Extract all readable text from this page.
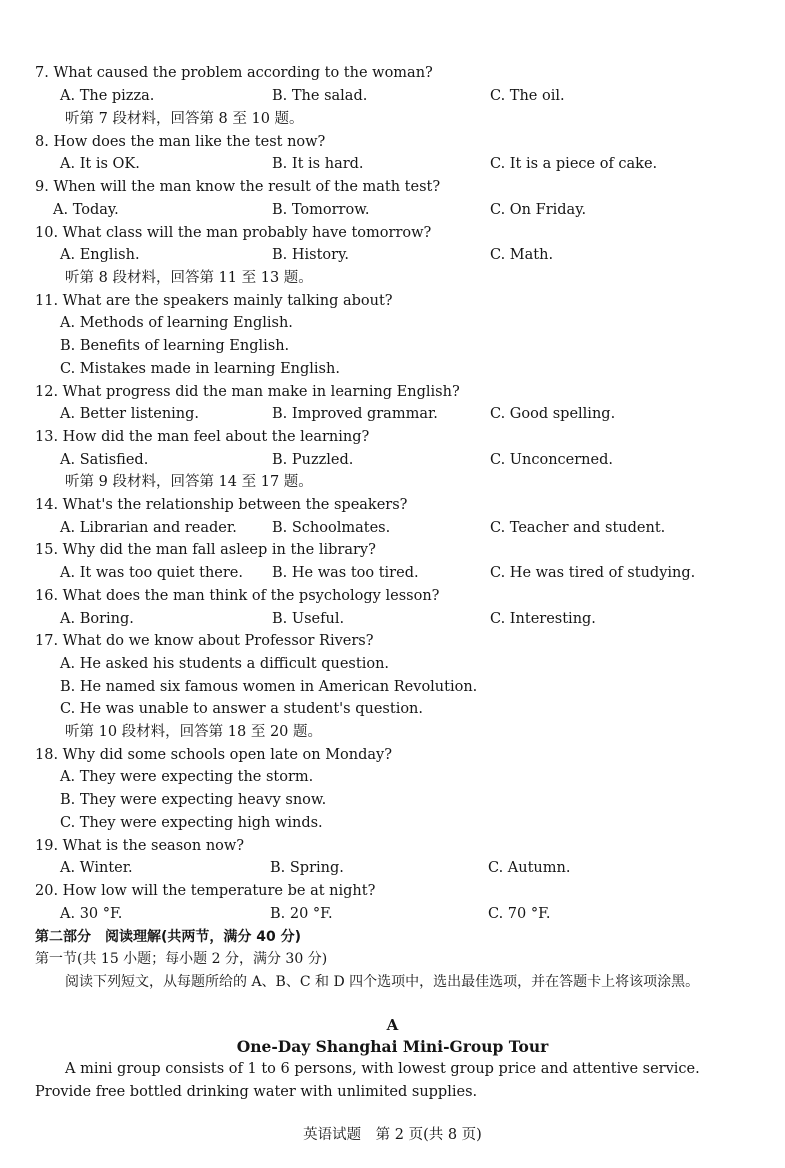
7. What caused the problem according to the woman?
A. The pizza.	B. The salad.	C. The oil.
听第 7 段材料，回答第 8 至 10 题。
8. How does the man like the test now?
A. It is OK.	B. It is hard.	C. It is a piece of cake.
9. When will the man know the result of the math test?
A. Today.	B. Tomorrow.	C. On Friday.
10. What class will the man probably have tomorrow?
A. English.	B. History.	C. Math.
听第 8 段材料，回答第 11 至 13 题。
11. What are the speakers mainly talking about?
A. Methods of learning English.
B. Benefits of learning English.
C. Mistakes made in learning English.
12. What progress did the man make in learning English?
A. Better listening.	B. Improved grammar.	C. Good spelling.
13. How did the man feel about the learning?
A. Satisfied.	B. Puzzled.	C. Unconcerned.
听第 9 段材料，回答第 14 至 17 题。
14. What's the relationship between the speakers?
A. Librarian and reader. B. Schoolmates.	C. Teacher and student.
15. Why did the man fall asleep in the library?
A. It was too quiet there. B. He was too tired.	C. He was tired of studying.
16. What does the man think of the psychology lesson?
A. Boring.	B. Useful.	C. Interesting.
17. What do we know about Professor Rivers?
A. He asked his students a difficult question.
B. He named six famous women in American Revolution.
C. He was unable to answer a student's question.
听第 10 段材料，回答第 18 至 20 题。
18. Why did some schools open late on Monday?
A. They were expecting the storm.
B. They were expecting heavy snow.
C. They were expecting high winds.
19. What is the season now?
A. Winter.	B. Spring.	C. Autumn.
20. How low will the temperature be at night?
A. 30 °F.	B. 20 °F.	C. 70 °F.
第二部分　阅读理解(共两节，满分 40 分)
第一节(共 15 小题；每小题 2 分，满分 30 分)
阅读下列短文，从每题所给的 A、B、C 和 D 四个选项中，选出最佳选项，并在答题卡上将该项涂黑。
A
One-Day Shanghai Mini-Group Tour
A mini group consists of 1 to 6 persons, with lowest group price and attentive service. Provide free bottled drinking water with unlimited supplies.
英语试题　第 2 页(共 8 页)
